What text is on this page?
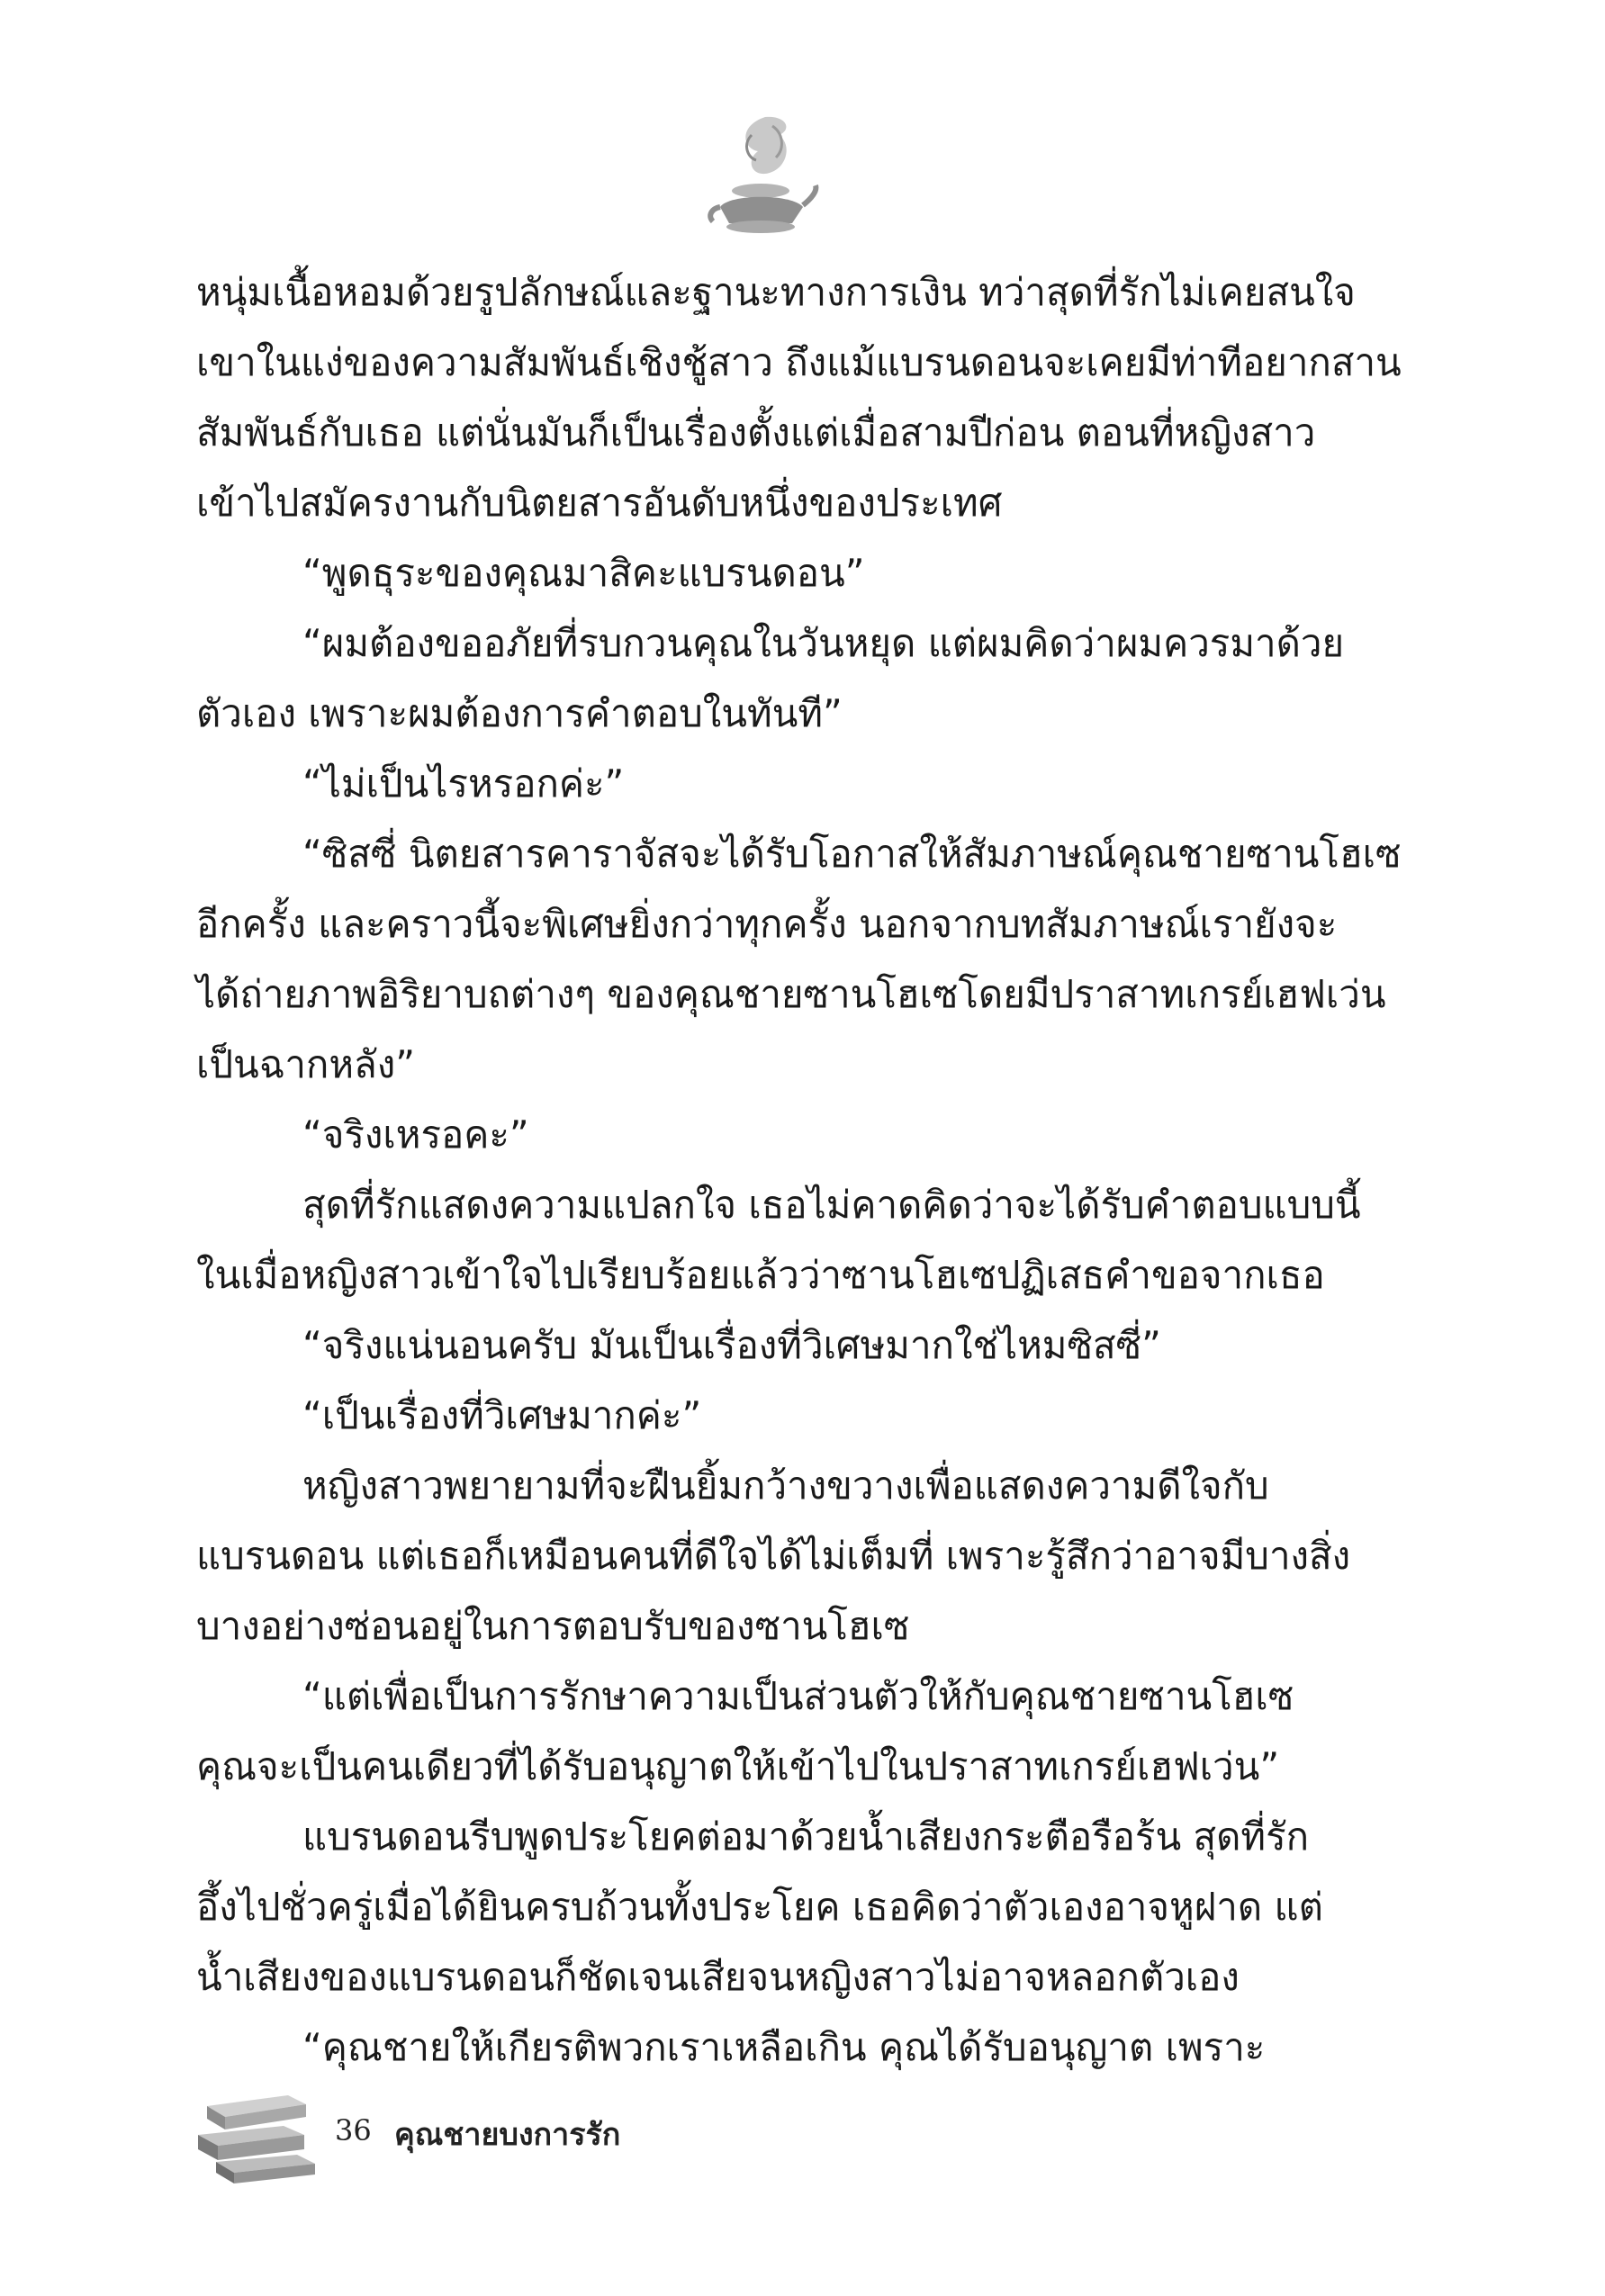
หนุ่มเนื้อหอมด้วยรูปลักษณ์และฐานะทางการเงิน ทว่าสุดที่รักไม่เคยสนใจ
เขาในแง่ของความสัมพันธ์เชิงชู้สาว ถึงแม้แบรนดอนจะเคยมีท่าทีอยากสาน
สัมพันธ์กับเธอ แต่นั่นมันก็เป็นเรื่องตั้งแต่เมื่อสามปีก่อน ตอนที่หญิงสาว
เข้าไปสมัครงานกับนิตยสารอันดับหนึ่งของประเทศ

“พูดธุระของคุณมาสิคะแบรนดอน”

“ผมต้องขออภัยที่รบกวนคุณในวันหยุด แต่ผมคิดว่าผมควรมาด้วย

ตัวเอง เพราะผมต้องการคำตอบในทันที”

“ไม่เป็นไรหรอกค่ะ”

“ซิสซี่ นิตยสารคาราจัสจะได้รับโอกาสให้สัมภาษณ์คุณชายซานโฮเซ

อีกครั้ง และคราวนี้จะพิเศษยิ่งกว่าทุกครั้ง นอกจากบทสัมภาษณ์เรายังจะ
ได้ถ่ายภาพอิริยาบถต่างๆ ของคุณชายซานโฮเซโดยมีปราสาทเกรย์เฮฟเว่น
เป็นฉากหลัง”

“จริงเหรอคะ”

สุดที่รักแสดงความแปลกใจ เธอไม่คาดคิดว่าจะได้รับคำตอบแบบนี้

ในเมื่อหญิงสาวเข้าใจไปเรียบร้อยแล้วว่าซานโฮเซปฏิเสธคำขอจากเธอ

“จริงแน่นอนครับ มันเป็นเรื่องที่วิเศษมากใช่ไหมซิสซี่”

“เป็นเรื่องที่วิเศษมากค่ะ”

หญิงสาวพยายามที่จะฝืนยิ้มกว้างขวางเพื่อแสดงความดีใจกับ

แบรนดอน แต่เธอก็เหมือนคนที่ดีใจได้ไม่เต็มที่ เพราะรู้สึกว่าอาจมีบางสิ่ง
บางอย่างซ่อนอยู่ในการตอบรับของซานโฮเซ

“แต่เพื่อเป็นการรักษาความเป็นส่วนตัวให้กับคุณชายซานโฮเซ

คุณจะเป็นคนเดียวที่ได้รับอนุญาตให้เข้าไปในปราสาทเกรย์เฮฟเว่น”

แบรนดอนรีบพูดประโยคต่อมาด้วยน้ำเสียงกระตือรือร้น สุดที่รัก

อึ้งไปชั่วครู่เมื่อได้ยินครบถ้วนทั้งประโยค เธอคิดว่าตัวเองอาจหูฝาด แต่
น้ำเสียงของแบรนดอนก็ชัดเจนเสียจนหญิงสาวไม่อาจหลอกตัวเอง

“คุณชายให้เกียรติพวกเราเหลือเกิน คุณได้รับอนุญาต เพราะ

36 คุณชายบงการรัก
